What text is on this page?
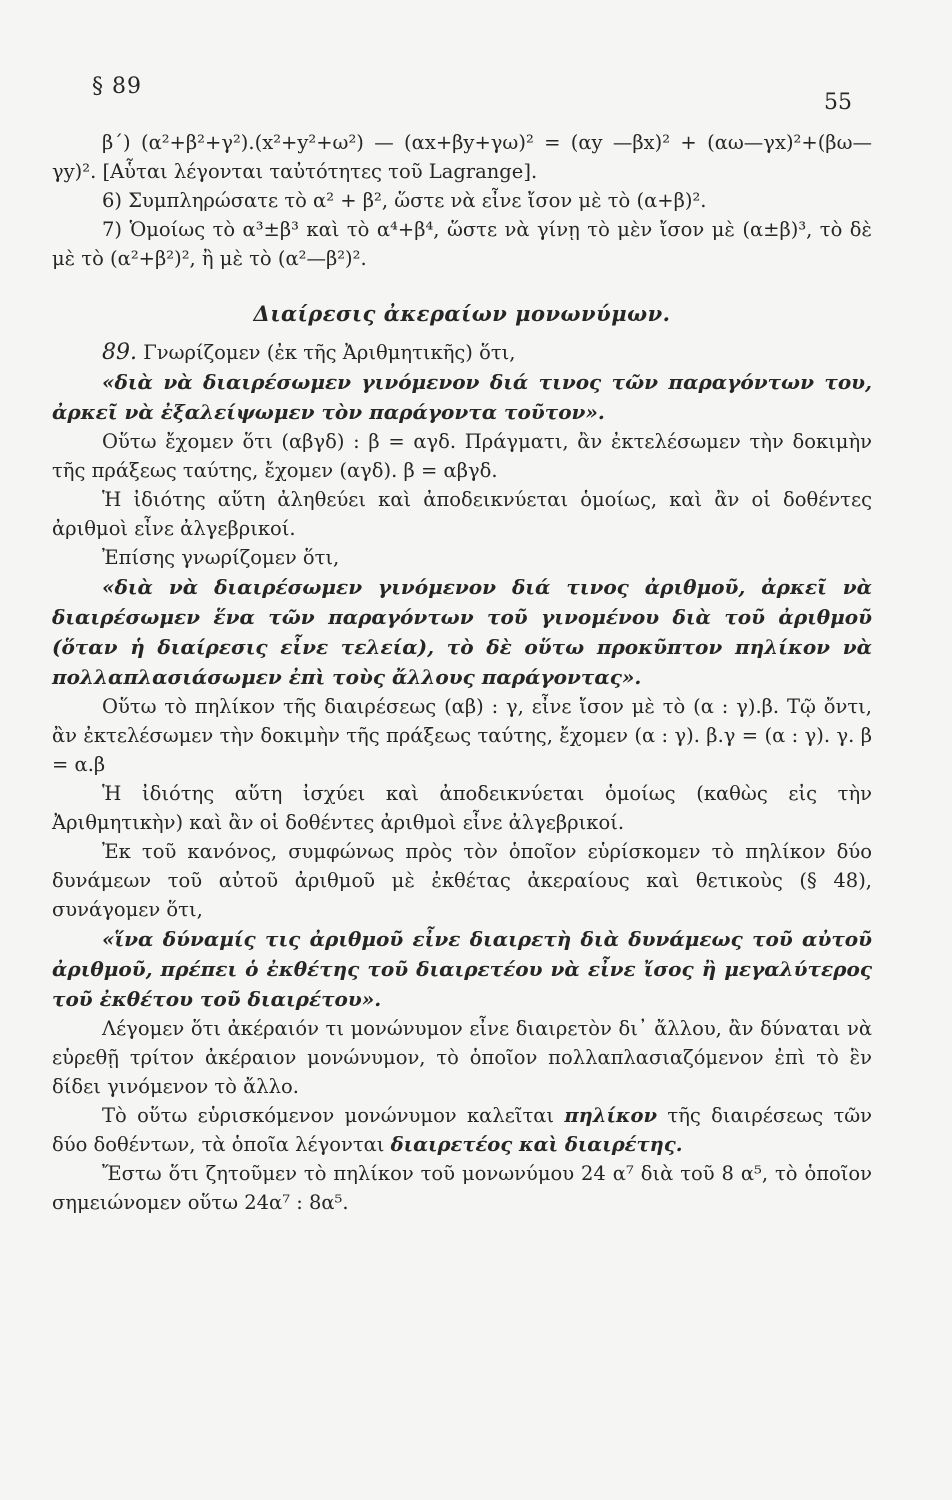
§ 89
55

β΄) (α²+β²+γ²).(x²+y²+ω²) — (αx+βy+γω)² = (αy —βx)² + (αω—γx)²+(βω—γy)². [Αὗται λέγονται ταὐτότητες τοῦ Lagrange].

6) Συμπληρώσατε τὸ α² + β², ὥστε νὰ εἶνε ἴσον μὲ τὸ (α+β)².

7) Ὁμοίως τὸ α³±β³ καὶ τὸ α⁴+β⁴, ὥστε νὰ γίνῃ τὸ μὲν ἴσον μὲ (α±β)³, τὸ δὲ μὲ τὸ (α²+β²)², ἢ μὲ τὸ (α²—β²)².

Διαίρεσις ἀκεραίων μονωνύμων.

89. Γνωρίζομεν (ἐκ τῆς Ἀριθμητικῆς) ὅτι,

«διὰ νὰ διαιρέσωμεν γινόμενον διά τινος τῶν παραγόντων του, ἀρκεῖ νὰ ἐξαλείψωμεν τὸν παράγοντα τοῦτον».

Οὕτω ἔχομεν ὅτι (αβγδ) : β = αγδ. Πράγματι, ἂν ἐκτελέσωμεν τὴν δοκιμὴν τῆς πράξεως ταύτης, ἔχομεν (αγδ). β = αβγδ.

Ἡ ἰδιότης αὕτη ἀληθεύει καὶ ἀποδεικνύεται ὁμοίως, καὶ ἂν οἱ δοθέντες ἀριθμοὶ εἶνε ἀλγεβρικοί.

Ἐπίσης γνωρίζομεν ὅτι,

«διὰ νὰ διαιρέσωμεν γινόμενον διά τινος ἀριθμοῦ, ἀρκεῖ νὰ διαιρέσωμεν ἕνα τῶν παραγόντων τοῦ γινομένου διὰ τοῦ ἀριθμοῦ (ὅταν ἡ διαίρεσις εἶνε τελεία), τὸ δὲ οὕτω προκῦπτον πηλίκον νὰ πολλαπλασιάσωμεν ἐπὶ τοὺς ἄλλους παράγοντας».

Οὕτω τὸ πηλίκον τῆς διαιρέσεως (αβ) : γ, εἶνε ἴσον μὲ τὸ (α : γ).β. Τῷ ὄντι, ἂν ἐκτελέσωμεν τὴν δοκιμὴν τῆς πράξεως ταύτης, ἔχομεν (α : γ). β.γ = (α : γ). γ. β = α.β

Ἡ ἰδιότης αὕτη ἰσχύει καὶ ἀποδεικνύεται ὁμοίως (καθὼς εἰς τὴν Ἀριθμητικὴν) καὶ ἂν οἱ δοθέντες ἀριθμοὶ εἶνε ἀλγεβρικοί.

Ἐκ τοῦ κανόνος, συμφώνως πρὸς τὸν ὁποῖον εὑρίσκομεν τὸ πηλίκον δύο δυνάμεων τοῦ αὐτοῦ ἀριθμοῦ μὲ ἐκθέτας ἀκεραίους καὶ θετικοὺς (§ 48), συνάγομεν ὅτι,

«ἵνα δύναμίς τις ἀριθμοῦ εἶνε διαιρετὴ διὰ δυνάμεως τοῦ αὐτοῦ ἀριθμοῦ, πρέπει ὁ ἐκθέτης τοῦ διαιρετέου νὰ εἶνε ἴσος ἢ μεγαλύτερος τοῦ ἐκθέτου τοῦ διαιρέτου».

Λέγομεν ὅτι ἀκέραιόν τι μονώνυμον εἶνε διαιρετὸν δι᾽ ἄλλου, ἂν δύναται νὰ εὑρεθῇ τρίτον ἀκέραιον μονώνυμον, τὸ ὁποῖον πολλαπλασιαζόμενον ἐπὶ τὸ ἓν δίδει γινόμενον τὸ ἄλλο.

Τὸ οὕτω εὑρισκόμενον μονώνυμον καλεῖται πηλίκον τῆς διαιρέσεως τῶν δύο δοθέντων, τὰ ὁποῖα λέγονται διαιρετέος καὶ διαιρέτης.

Ἔστω ὅτι ζητοῦμεν τὸ πηλίκον τοῦ μονωνύμου 24 α⁷ διὰ τοῦ 8 α⁵, τὸ ὁποῖον σημειώνομεν οὕτω 24α⁷ : 8α⁵.
